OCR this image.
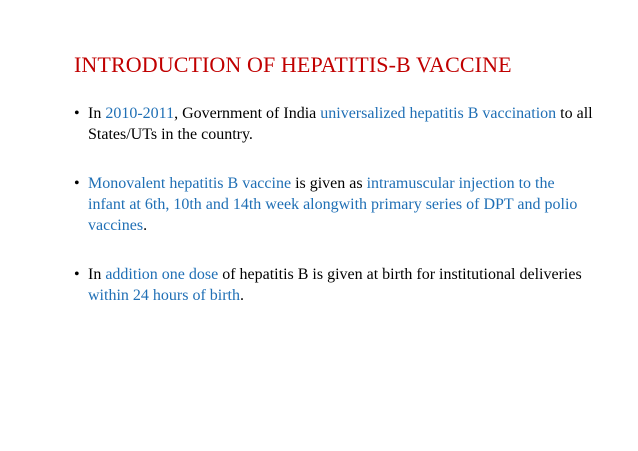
INTRODUCTION OF HEPATITIS-B VACCINE
• In 2010-2011, Government of India universalized hepatitis B vaccination to all States/UTs in the country.
• Monovalent hepatitis B vaccine is given as intramuscular injection to the infant at 6th, 10th and 14th week alongwith primary series of DPT and polio vaccines.
• In addition one dose of hepatitis B is given at birth for institutional deliveries within 24 hours of birth.
